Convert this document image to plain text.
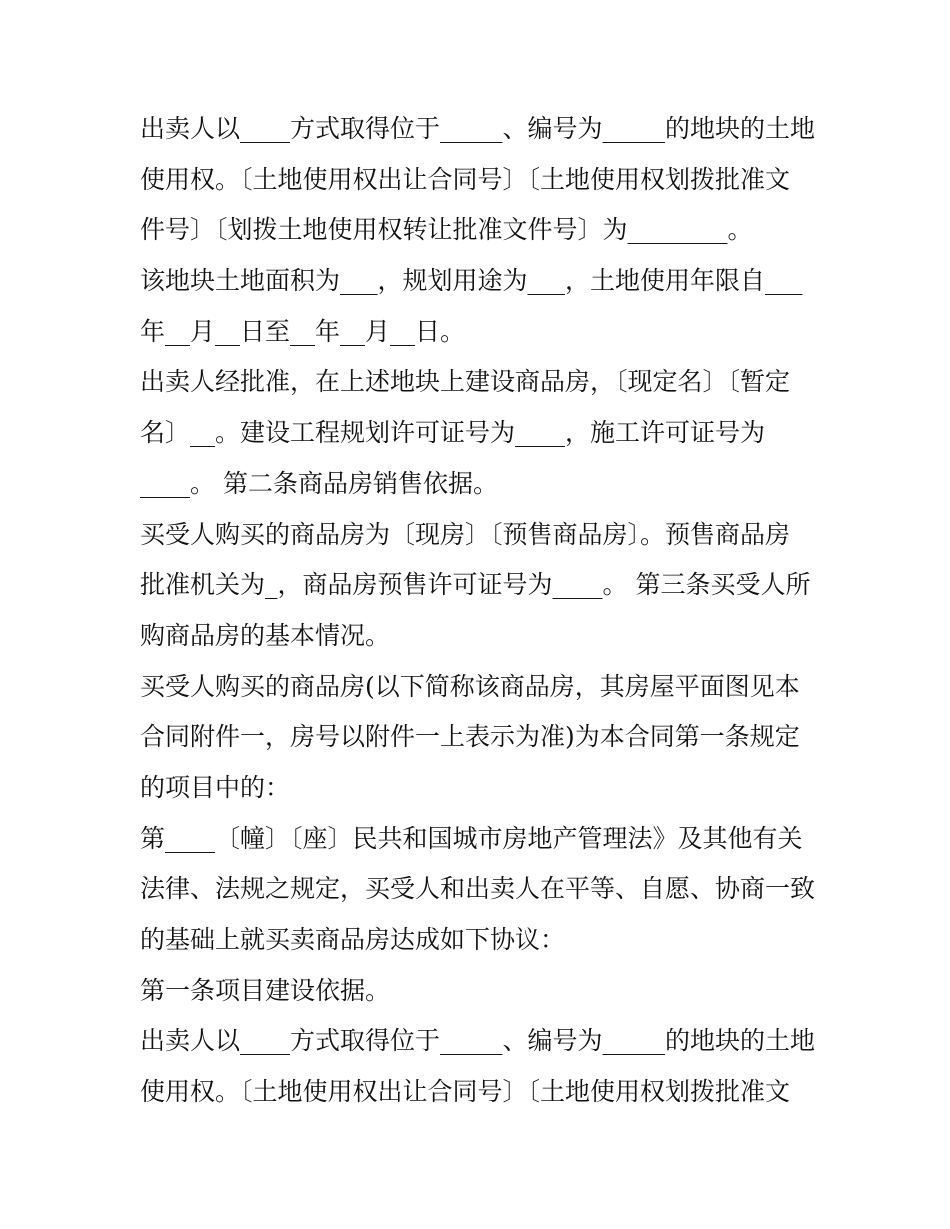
出卖人以____方式取得位于_____、编号为_____的地块的土地
使用权。〔土地使用权出让合同号〕〔土地使用权划拨批准文
件号〕〔划拨土地使用权转让批准文件号〕为________。
该地块土地面积为___，规划用途为___，土地使用年限自___
年__月__日至__年__月__日。
出卖人经批准，在上述地块上建设商品房，〔现定名〕〔暂定
名〕__。建设工程规划许可证号为____，施工许可证号为
____。 第二条商品房销售依据。
买受人购买的商品房为〔现房〕〔预售商品房〕。预售商品房
批准机关为_，商品房预售许可证号为____。 第三条买受人所
购商品房的基本情况。
买受人购买的商品房(以下简称该商品房，其房屋平面图见本
合同附件一，房号以附件一上表示为准)为本合同第一条规定
的项目中的：
第____〔幢〕〔座〕民共和国城市房地产管理法》及其他有关
法律、法规之规定，买受人和出卖人在平等、自愿、协商一致
的基础上就买卖商品房达成如下协议：
第一条项目建设依据。
出卖人以____方式取得位于_____、编号为_____的地块的土地
使用权。〔土地使用权出让合同号〕〔土地使用权划拨批准文
